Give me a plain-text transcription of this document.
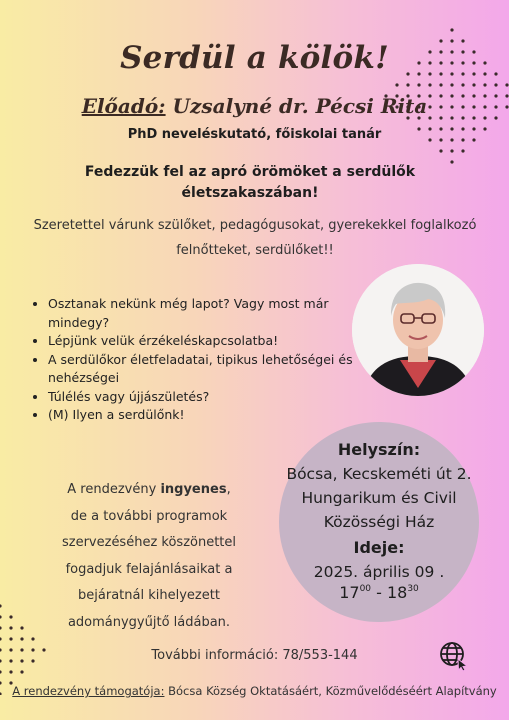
Serdül a kölök!
Előadó: Uzsalyné dr. Pécsi Rita
PhD neveléskutató, főiskolai tanár
Fedezzük fel az apró örömöket a serdülők
életszakaszában!
Szeretettel várunk szülőket, pedagógusokat, gyerekekkel foglalkozó
felnőtteket, serdülőket!!
• Osztanak nekünk még lapot? Vagy most már mindegy?
• Lépjünk velük érzékeléskapcsolatba!
• A serdülőkor életfeladatai, tipikus lehetőségei és nehézségei
• Túlélés vagy újjászületés?
• (M) Ilyen a serdülőnk!
Helyszín:
Bócsa, Kecskeméti út 2.
Hungarikum és Civil
Közösségi Ház
Ideje:
2025. április 09 .
$17^{00} - 18^{30}$
A rendezvény ingyenes,
de a további programok
szervezéséhez köszönettel
fogadjuk felajánlásaikat a
bejáratnál kihelyezett
adománygyűjtő ládában.
További információ: 78/553-144
A rendezvény támogatója: Bócsa Község Oktatásáért, Közművelődéséért Alapítvány
